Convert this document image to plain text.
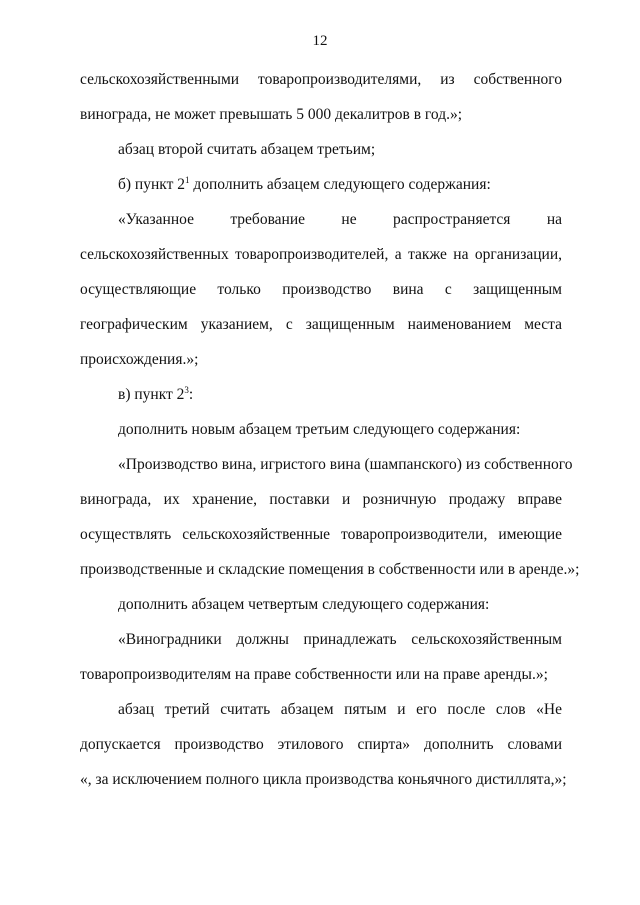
12
сельскохозяйственными товаропроизводителями, из собственного
винограда, не может превышать 5 000 декалитров в год.»;
абзац второй считать абзацем третьим;
б) пункт $2^1$ дополнить абзацем следующего содержания:
«Указанное требование не распространяется на
сельскохозяйственных товаропроизводителей, а также на организации,
осуществляющие только производство вина с защищенным
географическим указанием, с защищенным наименованием места
происхождения.»;
в) пункт $2^3$:
дополнить новым абзацем третьим следующего содержания:
«Производство вина, игристого вина (шампанского) из собственного
винограда, их хранение, поставки и розничную продажу вправе
осуществлять сельскохозяйственные товаропроизводители, имеющие
производственные и складские помещения в собственности или в аренде.»;
дополнить абзацем четвертым следующего содержания:
«Виноградники должны принадлежать сельскохозяйственным
товаропроизводителям на праве собственности или на праве аренды.»;
абзац третий считать абзацем пятым и его после слов «Не
допускается производство этилового спирта» дополнить словами
«, за исключением полного цикла производства коньячного дистиллята,»;
